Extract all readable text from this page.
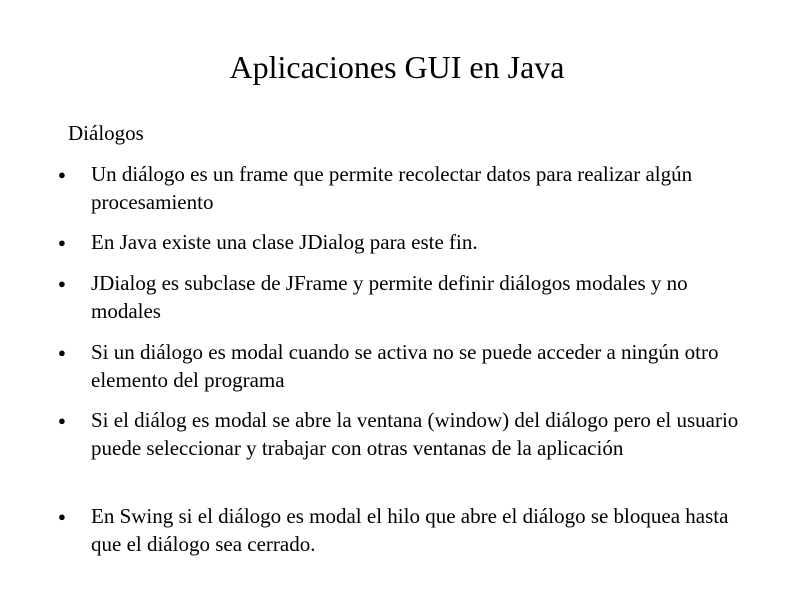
Aplicaciones GUI en Java
Diálogos
●	Un diálogo es un frame que permite recolectar datos para realizar algún procesamiento
●	En Java existe una clase JDialog para este fin.
●	JDialog es subclase de JFrame y permite definir diálogos modales y no modales
●	Si un diálogo es modal cuando se activa no se puede acceder a ningún otro elemento del programa
●	Si el diálog es modal se abre la ventana (window) del diálogo pero el usuario puede seleccionar y trabajar con otras ventanas de la aplicación
●	En Swing si el diálogo es modal el hilo que abre el diálogo se bloquea hasta que el diálogo sea cerrado.
